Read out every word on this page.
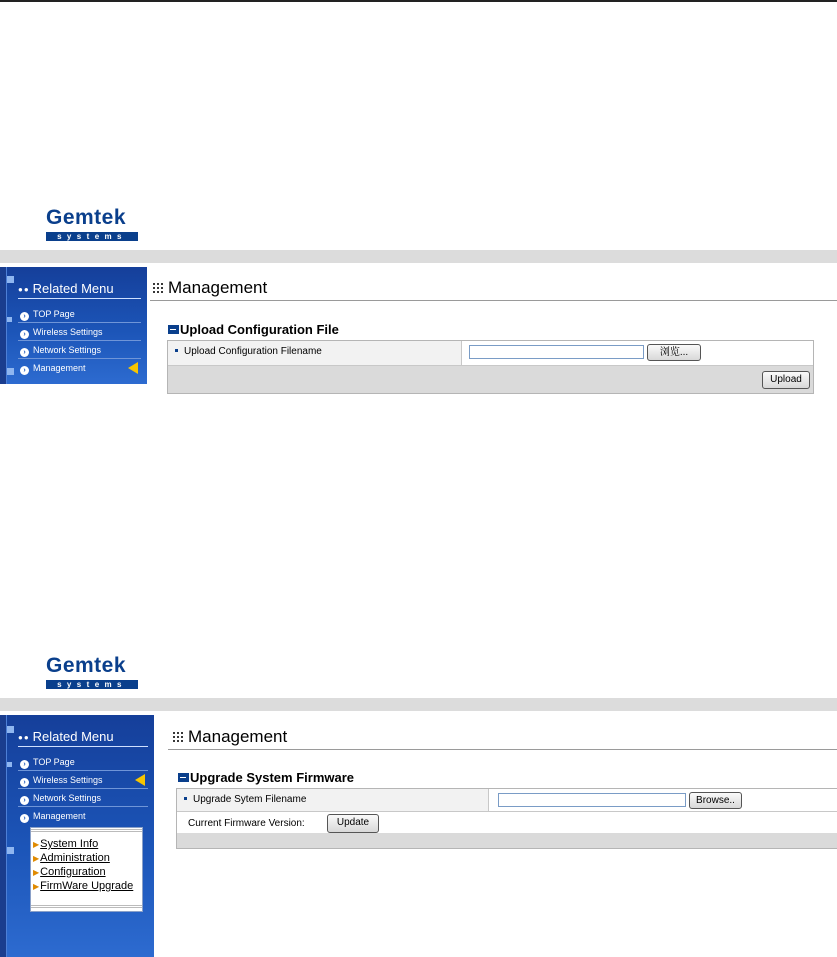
Gemtek
systems
●● Related Menu
› TOP Page
› Wireless Settings
› Network Settings
› Management
Management
Upload Configuration File
Upload Configuration Filename	浏览...
Upload
Gemtek
systems
●● Related Menu
› TOP Page
› Wireless Settings
› Network Settings
› Management
▶System Info
▶Administration
▶Configuration
▶FirmWare Upgrade
Management
Upgrade System Firmware
Upgrade Sytem Filename	Browse..
Current Firmware Version:	Update
